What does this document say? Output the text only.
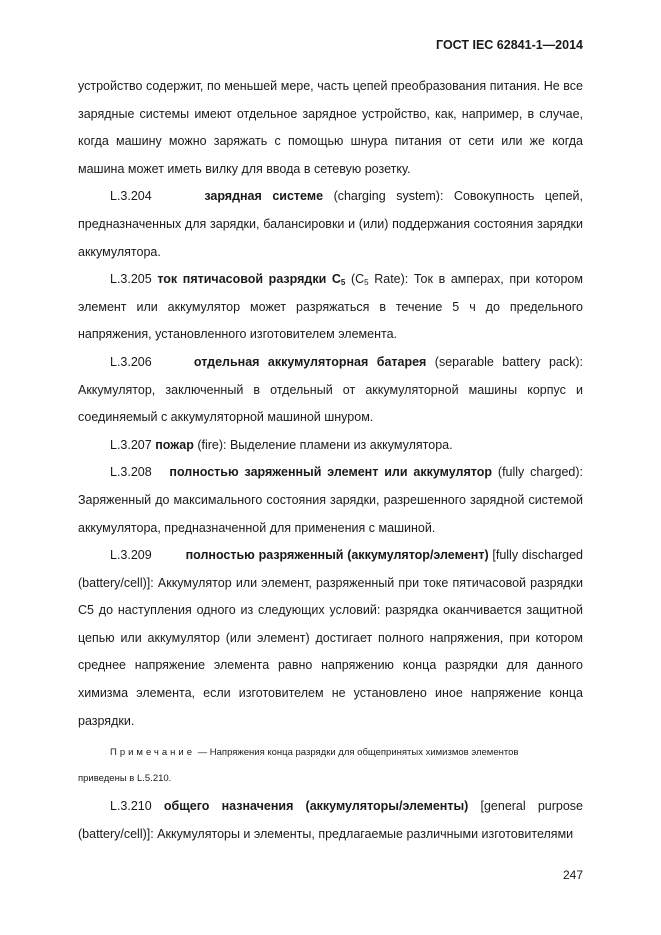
ГОСТ IEC 62841-1—2014

устройство содержит, по меньшей мере, часть цепей преобразования питания. Не все зарядные системы имеют отдельное зарядное устройство, как, например, в случае, когда машину можно заряжать с помощью шнура питания от сети или же когда машина может иметь вилку для ввода в сетевую розетку.

L.3.204	зарядная системе (charging system): Совокупность цепей, предназначенных для зарядки, балансировки и (или) поддержания состояния зарядки аккумулятора.

L.3.205 ток пятичасовой разрядки $C_5$ ($C_5$ Rate): Ток в амперах, при котором элемент или аккумулятор может разряжаться в течение 5 ч до предельного напряжения, установленного изготовителем элемента.

L.3.206	отдельная аккумуляторная батарея (separable battery pack): Аккумулятор, заключенный в отдельный от аккумуляторной машины корпус и соединяемый с аккумуляторной машиной шнуром.

L.3.207 пожар (fire): Выделение пламени из аккумулятора.

L.3.208 полностью заряженный элемент или аккумулятор (fully charged): Заряженный до максимального состояния зарядки, разрешенного зарядной системой аккумулятора, предназначенной для применения с машиной.

L.3.209	полностью разряженный (аккумулятор/элемент) [fully discharged (battery/cell)]: Аккумулятор или элемент, разряженный при токе пятичасовой разрядки C5 до наступления одного из следующих условий: разрядка оканчивается защитной цепью или аккумулятор (или элемент) достигает полного напряжения, при котором среднее напряжение элемента равно напряжению конца разрядки для данного химизма элемента, если изготовителем не установлено иное напряжение конца разрядки.

Примечание — Напряжения конца разрядки для общепринятых химизмов элементов

приведены в L.5.210.

L.3.210 общего назначения (аккумуляторы/элементы) [general purpose (battery/cell)]: Аккумуляторы и элементы, предлагаемые различными изготовителями

247
